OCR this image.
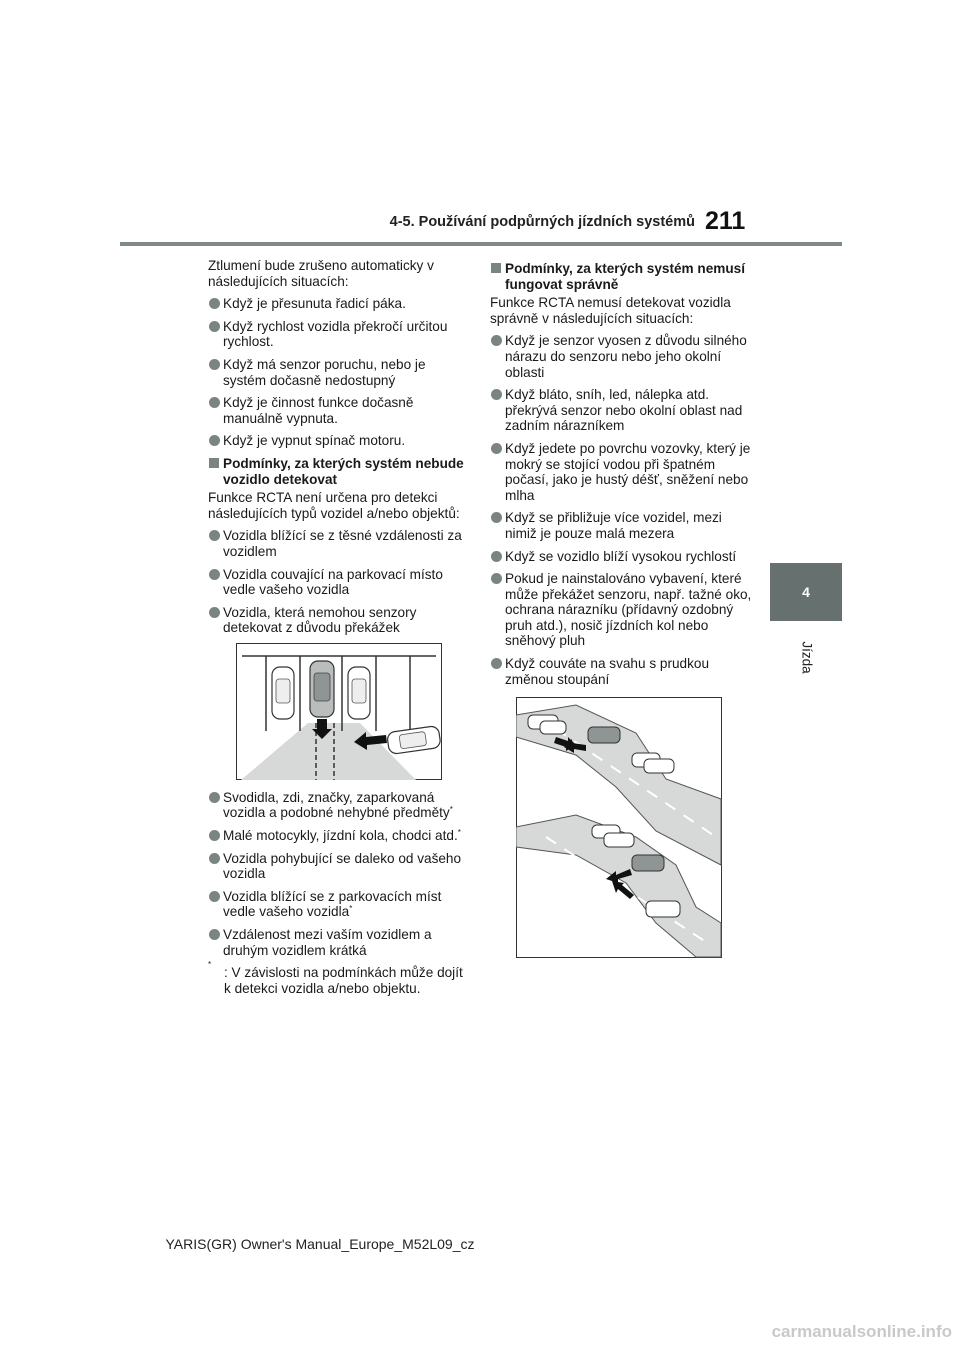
4-5. Používání podpůrných jízdních systémů 211
4
Jízda

Ztlumení bude zrušeno automaticky v následujících situacích:

Když je přesunuta řadicí páka.
Když rychlost vozidla překročí určitou rychlost.
Když má senzor poruchu, nebo je systém dočasně nedostupný
Když je činnost funkce dočasně manuálně vypnuta.
Když je vypnut spínač motoru.
Podmínky, za kterých systém nebude vozidlo detekovat

Funkce RCTA není určena pro detekci následujících typů vozidel a/nebo objektů:

Vozidla blížící se z těsné vzdálenosti za vozidlem
Vozidla couvající na parkovací místo vedle vašeho vozidla
Vozidla, která nemohou senzory detekovat z důvodu překážek
Svodidla, zdi, značky, zaparkovaná vozidla a podobné nehybné předměty*
Malé motocykly, jízdní kola, chodci atd.*
Vozidla pohybující se daleko od vašeho vozidla
Vozidla blížící se z parkovacích míst vedle vašeho vozidla*
Vzdálenost mezi vaším vozidlem a druhým vozidlem krátká
*
: V závislosti na podmínkách může dojít k detekci vozidla a/nebo objektu.
Podmínky, za kterých systém nemusí fungovat správně

Funkce RCTA nemusí detekovat vozidla správně v následujících situacích:

Když je senzor vyosen z důvodu silného nárazu do senzoru nebo jeho okolní oblasti
Když bláto, sníh, led, nálepka atd. překrývá senzor nebo okolní oblast nad zadním nárazníkem
Když jedete po povrchu vozovky, který je mokrý se stojící vodou při špatném počasí, jako je hustý déšť, sněžení nebo mlha
Když se přibližuje více vozidel, mezi nimiž je pouze malá mezera
Když se vozidlo blíží vysokou rychlostí
Pokud je nainstalováno vybavení, které může překážet senzoru, např. tažné oko, ochrana nárazníku (přídavný ozdobný pruh atd.), nosič jízdních kol nebo sněhový pluh
Když couváte na svahu s prudkou změnou stoupání
YARIS(GR) Owner's Manual_Europe_M52L09_cz
carmanualsonline.info
